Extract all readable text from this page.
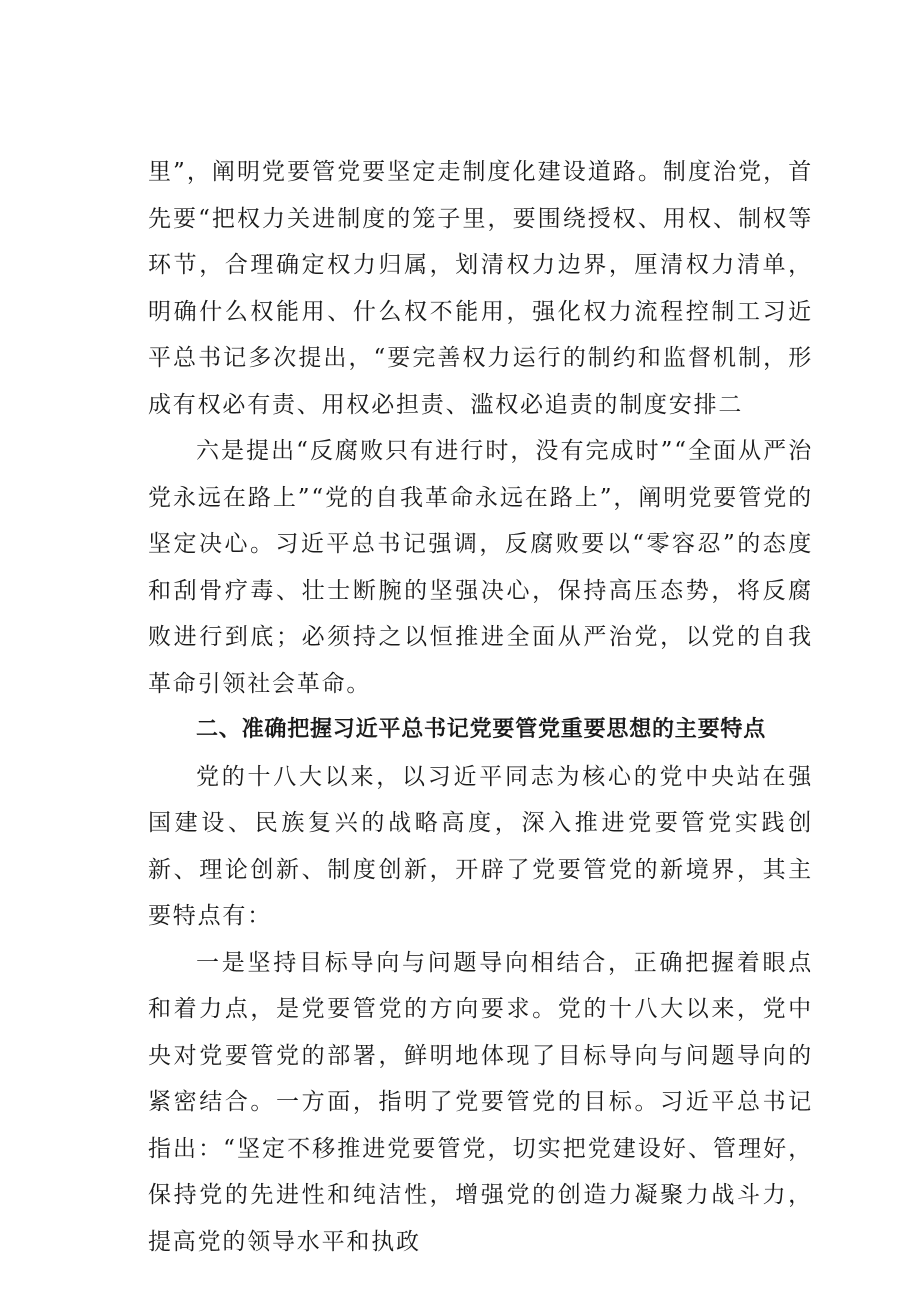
里”，阐明党要管党要坚定走制度化建设道路。制度治党，首先要“把权力关进制度的笼子里，要围绕授权、用权、制权等环节，合理确定权力归属，划清权力边界，厘清权力清单，明确什么权能用、什么权不能用，强化权力流程控制工习近平总书记多次提出，“要完善权力运行的制约和监督机制，形成有权必有责、用权必担责、滥权必追责的制度安排二

六是提出“反腐败只有进行时，没有完成时”“全面从严治党永远在路上”“党的自我革命永远在路上”，阐明党要管党的坚定决心。习近平总书记强调，反腐败要以“零容忍”的态度和刮骨疗毒、壮士断腕的坚强决心，保持高压态势，将反腐败进行到底；必须持之以恒推进全面从严治党，以党的自我革命引领社会革命。

二、准确把握习近平总书记党要管党重要思想的主要特点

党的十八大以来，以习近平同志为核心的党中央站在强国建设、民族复兴的战略高度，深入推进党要管党实践创新、理论创新、制度创新，开辟了党要管党的新境界，其主要特点有：

一是坚持目标导向与问题导向相结合，正确把握着眼点和着力点，是党要管党的方向要求。党的十八大以来，党中央对党要管党的部署，鲜明地体现了目标导向与问题导向的紧密结合。一方面，指明了党要管党的目标。习近平总书记指出：“坚定不移推进党要管党，切实把党建设好、管理好，保持党的先进性和纯洁性，增强党的创造力凝聚力战斗力，提高党的领导水平和执政
